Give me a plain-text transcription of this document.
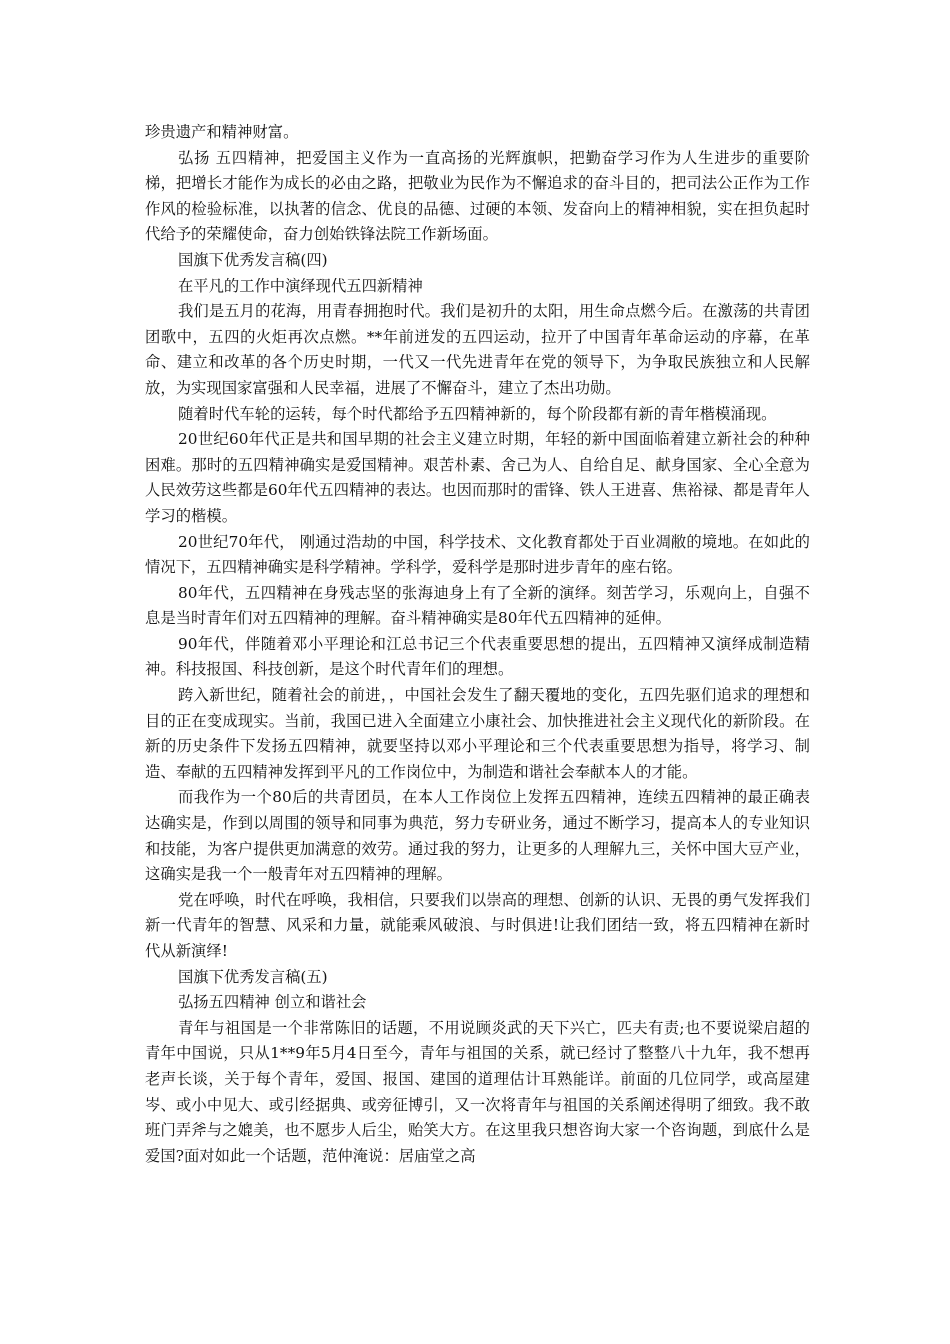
珍贵遗产和精神财富。

弘扬 五四精神，把爱国主义作为一直高扬的光辉旗帜，把勤奋学习作为人生进步的重要阶梯，把增长才能作为成长的必由之路，把敬业为民作为不懈追求的奋斗目的，把司法公正作为工作作风的检验标准，以执著的信念、优良的品德、过硬的本领、发奋向上的精神相貌，实在担负起时代给予的荣耀使命，奋力创始铁锋法院工作新场面。

国旗下优秀发言稿(四)

在平凡的工作中演绎现代五四新精神

我们是五月的花海，用青春拥抱时代。我们是初升的太阳，用生命点燃今后。在激荡的共青团团歌中，五四的火炬再次点燃。**年前迸发的五四运动，拉开了中国青年革命运动的序幕，在革命、建立和改革的各个历史时期，一代又一代先进青年在党的领导下，为争取民族独立和人民解放，为实现国家富强和人民幸福，进展了不懈奋斗，建立了杰出功勋。

随着时代车轮的运转，每个时代都给予五四精神新的，每个阶段都有新的青年楷模涌现。

20世纪60年代正是共和国早期的社会主义建立时期，年轻的新中国面临着建立新社会的种种困难。那时的五四精神确实是爱国精神。艰苦朴素、舍己为人、自给自足、献身国家、全心全意为人民效劳这些都是60年代五四精神的表达。也因而那时的雷锋、铁人王进喜、焦裕禄、都是青年人学习的楷模。

20世纪70年代， 刚通过浩劫的中国，科学技术、文化教育都处于百业凋敝的境地。在如此的情况下，五四精神确实是科学精神。学科学，爱科学是那时进步青年的座右铭。

80年代，五四精神在身残志坚的张海迪身上有了全新的演绎。刻苦学习，乐观向上，自强不息是当时青年们对五四精神的理解。奋斗精神确实是80年代五四精神的延伸。

90年代，伴随着邓小平理论和江总书记三个代表重要思想的提出，五四精神又演绎成制造精神。科技报国、科技创新，是这个时代青年们的理想。

跨入新世纪，随着社会的前进，，中国社会发生了翻天覆地的变化，五四先驱们追求的理想和目的正在变成现实。当前，我国已进入全面建立小康社会、加快推进社会主义现代化的新阶段。在新的历史条件下发扬五四精神，就要坚持以邓小平理论和三个代表重要思想为指导，将学习、制造、奉献的五四精神发挥到平凡的工作岗位中，为制造和谐社会奉献本人的才能。

而我作为一个80后的共青团员，在本人工作岗位上发挥五四精神，连续五四精神的最正确表达确实是，作到以周围的领导和同事为典范，努力专研业务，通过不断学习，提高本人的专业知识和技能，为客户提供更加满意的效劳。通过我的努力，让更多的人理解九三，关怀中国大豆产业，这确实是我一个一般青年对五四精神的理解。

党在呼唤，时代在呼唤，我相信，只要我们以崇高的理想、创新的认识、无畏的勇气发挥我们新一代青年的智慧、风采和力量，就能乘风破浪、与时俱进!让我们团结一致，将五四精神在新时代从新演绎!

国旗下优秀发言稿(五)

弘扬五四精神 创立和谐社会

青年与祖国是一个非常陈旧的话题，不用说顾炎武的天下兴亡，匹夫有责;也不要说梁启超的青年中国说，只从1**9年5月4日至今，青年与祖国的关系，就已经讨了整整八十九年，我不想再老声长谈，关于每个青年，爱国、报国、建国的道理估计耳熟能详。前面的几位同学，或高屋建岑、或小中见大、或引经据典、或旁征博引，又一次将青年与祖国的关系阐述得明了细致。我不敢班门弄斧与之媲美，也不愿步人后尘，贻笑大方。在这里我只想咨询大家一个咨询题，到底什么是爱国?面对如此一个话题，范仲淹说：居庙堂之高
